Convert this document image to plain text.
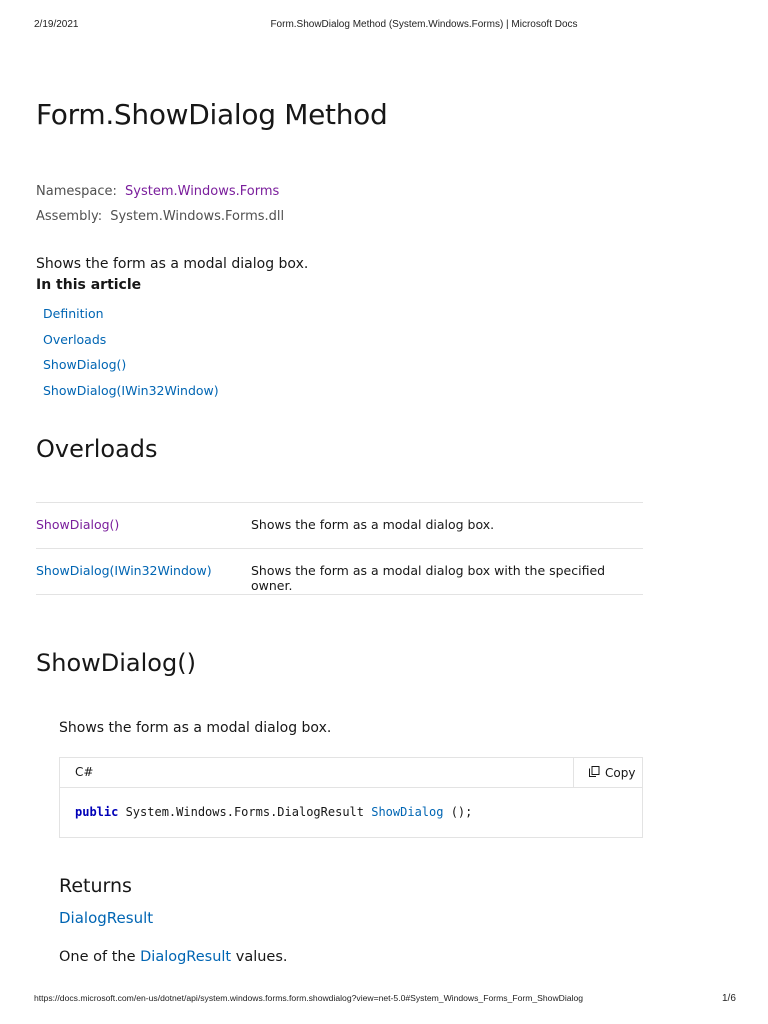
2/19/2021	Form.ShowDialog Method (System.Windows.Forms) | Microsoft Docs
Form.ShowDialog Method
Namespace: System.Windows.Forms
Assembly: System.Windows.Forms.dll
Shows the form as a modal dialog box.
In this article
Definition
Overloads
ShowDialog()
ShowDialog(IWin32Window)
Overloads
ShowDialog()	Shows the form as a modal dialog box.
ShowDialog(IWin32Window)	Shows the form as a modal dialog box with the specified owner.
ShowDialog()
Shows the form as a modal dialog box.
C#	Copy
public System.Windows.Forms.DialogResult ShowDialog ();
Returns
DialogResult
One of the DialogResult values.
https://docs.microsoft.com/en-us/dotnet/api/system.windows.forms.form.showdialog?view=net-5.0#System_Windows_Forms_Form_ShowDialog	1/6
